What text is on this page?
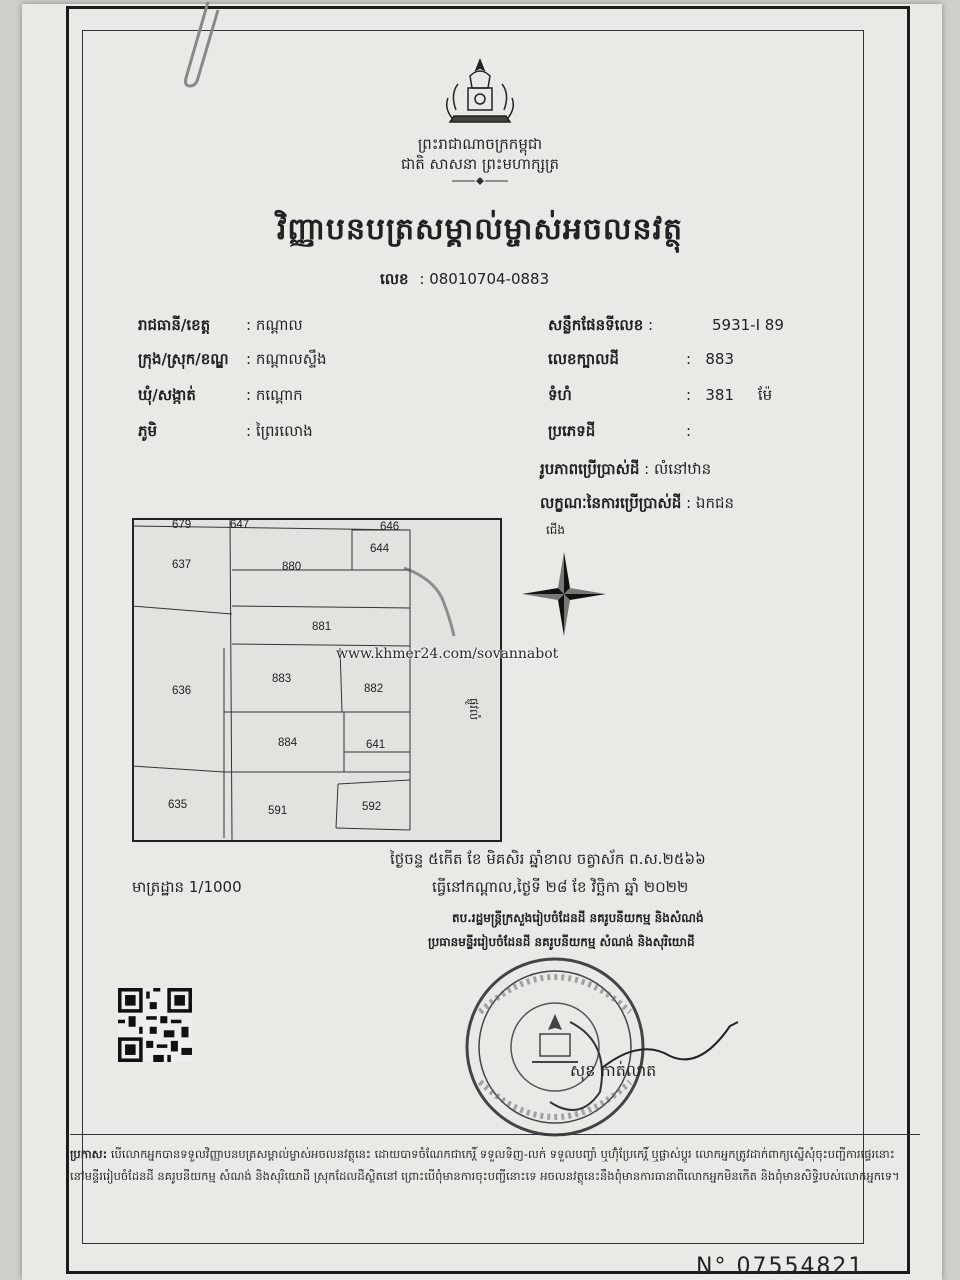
ព្រះរាជាណាចក្រកម្ពុជា
ជាតិ សាសនា ព្រះមហាក្សត្រ
វិញ្ញាបនបត្រសម្គាល់ម្ចាស់អចលនវត្ថុ
លេខ : 08010704-0883
រាជធានី/ខេត្ត	: កណ្តាល
ក្រុង/ស្រុក/ខណ្ឌ	: កណ្តាលស្ទឹង
ឃុំ/សង្កាត់	: កណ្តោក
ភូមិ	: ព្រៃរលោង
សន្លឹកផែនទីលេខ :	5931-I 89
លេខក្បាលដី	:   883
ទំហំ	:   381 ម៉ែ
ប្រភេទដី	:
រូបភាពប្រើប្រាស់ដី : លំនៅឋាន
លក្ខណៈនៃការប្រើប្រាស់ដី : ឯកជន
679	647	646
644
637	880
881
636
883
882
884	641
635	591	592
ផ្លូវលំ
ជើង
www.khmer24.com/sovannabot
ថ្ងៃចន្ទ ៥កើត ខែ មិគសិរ ឆ្នាំខាល ចត្វាស័ក ព.ស.២៥៦៦
ធ្វើនៅកណ្តាល,ថ្ងៃទី ២៨ ខែ វិច្ឆិកា ឆ្នាំ ២០២២
មាត្រដ្ឋាន 1/1000
តប.រដ្ឋមន្ត្រីក្រសួងរៀបចំដែនដី នគរូបនីយកម្ម និងសំណង់
ប្រធានមន្ទីររៀបចំដែនដី នគរូបនីយកម្ម សំណង់ និងសុរិយោដី
សុខ កាត់លាត
ប្រកាស: បើលោកអ្នកបានទទួលវិញ្ញាបនបត្រសម្គាល់ម្ចាស់អចលនវត្ថុនេះ ដោយបាទចំណែកជាកេរ្តិ៍ ទទួលទិញ-លក់ ទទួលបញ្ចាំ ឬហ៊ុំប្រែកេរ្តិ៍ ឬផ្លាស់ប្តូរ លោកអ្នកត្រូវដាក់ពាក្យស្នើសុំចុះបញ្ជីការផ្ទេរនោះ នៅមន្ទីររៀបចំដែនដី នគរូបនីយកម្ម សំណង់ និងសុរិយោដី ស្រុកដែលដីស្ថិតនៅ ព្រោះបើពុំមានការចុះបញ្ជីនោះទេ អចលនវត្ថុនេះនឹងពុំមានការធានាពីលោកអ្នកមិនកើត និងពុំមានសិទ្ធិរបស់លោកអ្នកទេ។
N° 07554821
